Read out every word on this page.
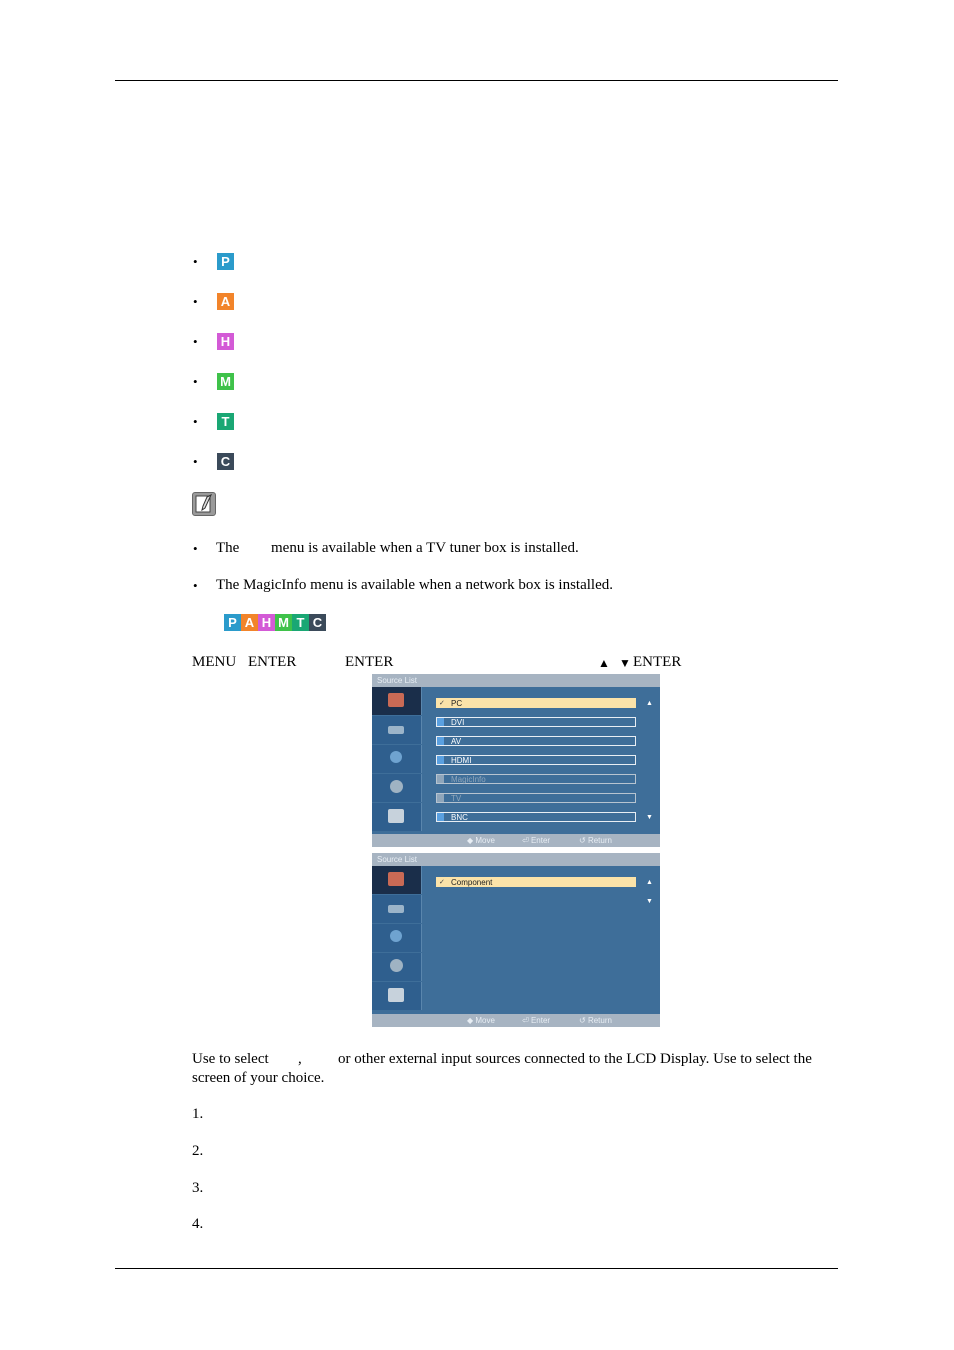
•	P
• A
• H
• M
•	T
• C
• The menu is available when a TV tuner box is installed.
• The MagicInfo menu is available when a network box is installed.
P A H M T C
MENU ENTER	ENTER	▲ ▼ ENTER
Source List
✓ PC
DVI
AV
HDMI
MagicInfo
TV
BNC
▲
▼
◆ Move	⏎ Enter	↺ Return
Source List
✓ Component	▲
▼
◆ Move	⏎ Enter	↺ Return
Use to select , or other external input sources connected to the LCD Display. Use to select the
screen of your choice.
1.
2.
3.
4.
